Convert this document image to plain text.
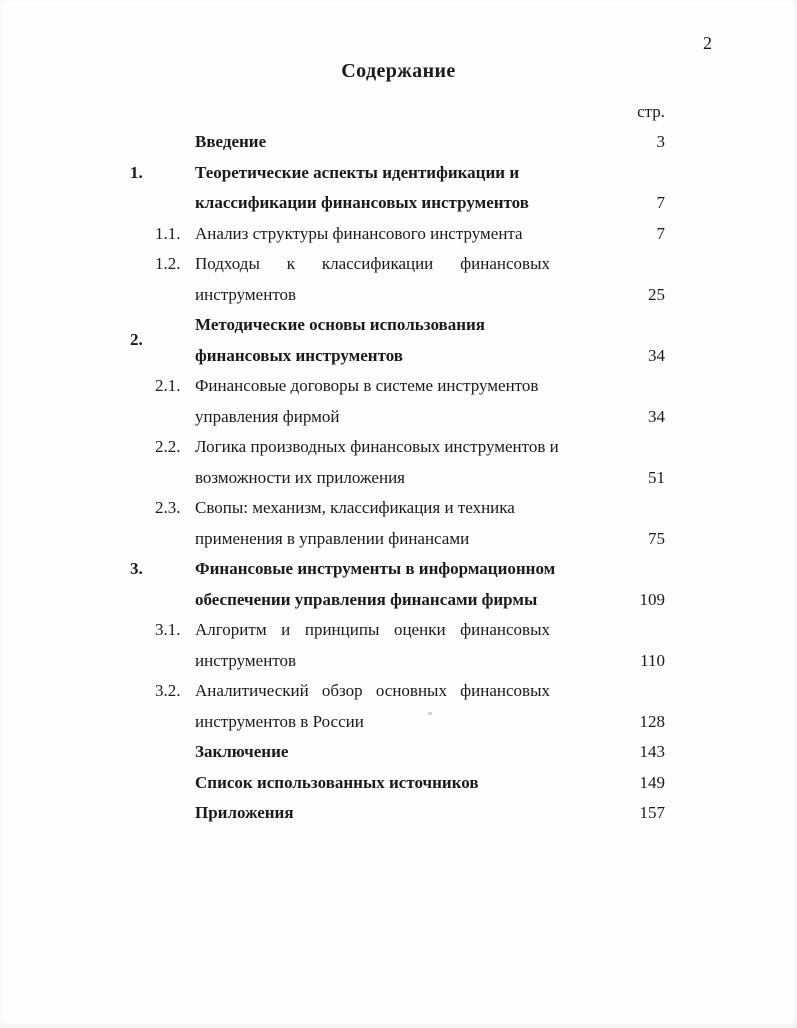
2
Содержание
стр.
Введение	3
1.	Теоретические аспекты идентификации и
классификации финансовых инструментов	7
1.1. Анализ структуры финансового инструмента	7
1.2. Подходы к классификации финансовых
инструментов	25
2.
Методические основы использования
финансовых инструментов	34
2.1. Финансовые договоры в системе инструментов
управления фирмой	34
2.2. Логика производных финансовых инструментов и
возможности их приложения	51
2.3. Свопы: механизм, классификация и техника
применения в управлении финансами	75
3.	Финансовые инструменты в информационном
обеспечении управления финансами фирмы	109
3.1. Алгоритм и принципы оценки финансовых
инструментов	110
3.2. Аналитический обзор основных финансовых
инструментов в России	128
Заключение	143
Список использованных источников	149
Приложения	157
